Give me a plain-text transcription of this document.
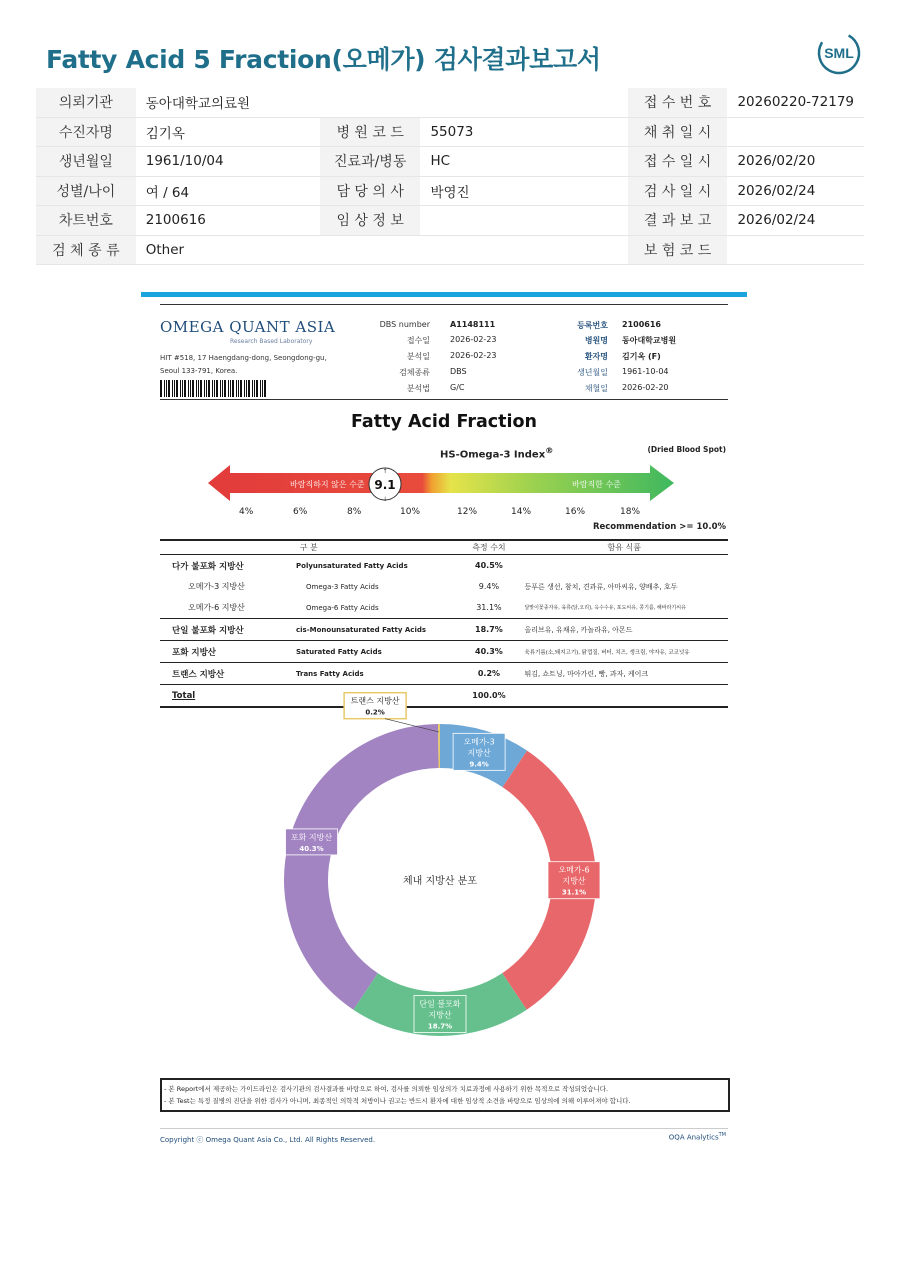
Fatty Acid 5 Fraction(오메가) 검사결과보고서	SML
의뢰기관	동아대학교의료원				접 수 번 호	20260220-72179
수진자명	김기옥	병 원 코 드	55073		채 취 일 시	
생년월일	1961/10/04	진료과/병동	HC		접 수 일 시	2026/02/20
성별/나이	여 / 64	담 당 의 사	박영진		검 사 일 시	2026/02/24
차트번호	2100616	임 상 정 보			결 과 보 고	2026/02/24
검 체 종 류	Other				보 험 코 드	
OMEGA QUANT ASIA
Research Based Laboratory
HIT #518, 17 Haengdang-dong, Seongdong-gu,
Seoul 133-791, Korea.
DBS number	A1148111
접수일	2026-02-23
분석일	2026-02-23
검체종류	DBS
분석법	G/C
등록번호 2100616
병원명 동아대학교병원
환자명 김기옥 (F)
생년월일 1961-10-04
채혈일 2026-02-20
Fatty Acid Fraction
HS-Omega-3 Index®	(Dried Blood Spot)
바람직하지 않은 수준	바람직한 수준
9.1
↑
↓
4%	6%	8%	10%	12%	14%	16%	18%
Recommendation >= 10.0%
구 분		측정 수치	함유 식품
다가 불포화 지방산	Polyunsaturated Fatty Acids	40.5%	
오메가-3 지방산	Omega-3 Fatty Acids	9.4%	등푸른 생선, 참치, 견과류, 아마씨유, 양배추, 호두
오메가-6 지방산	Omega-6 Fatty Acids	31.1%	달맞이꽃종자유, 육류(닭,오리), 옥수수유, 포도씨유, 콩기름, 해바라기씨유
단일 불포화 지방산	cis-Monounsaturated Fatty Acids	18.7%	올리브유, 유채유, 카놀라유, 아몬드
포화 지방산	Saturated Fatty Acids	40.3%	육류기름(소,돼지고기), 닭껍질, 버터, 치즈, 생크림, 야자유, 코코넛유
트랜스 지방산	Trans Fatty Acids	0.2%	튀김, 쇼트닝, 마아가린, 빵, 과자, 케이크
Total		100.0%	
체내 지방산 분포
오메가-3
지방산
9.4%
오메가-6
지방산
31.1%
단일 불포화
지방산
18.7%
포화 지방산
40.3%
트랜스 지방산
0.2%
- 본 Report에서 제공하는 가이드라인은 검사기관의 검사결과를 바탕으로 하여, 검사를 의뢰한 임상의가 치료과정에 사용하기 위한 목적으로 작성되었습니다.
- 본 Test는 특정 질병의 진단을 위한 검사가 아니며, 최종적인 의학적 처방이나 권고는 반드시 환자에 대한 임상적 소견을 바탕으로 임상의에 의해 이루어져야 합니다.
Copyright ⓒ Omega Quant Asia Co., Ltd. All Rights Reserved.	OQA Analytics™
